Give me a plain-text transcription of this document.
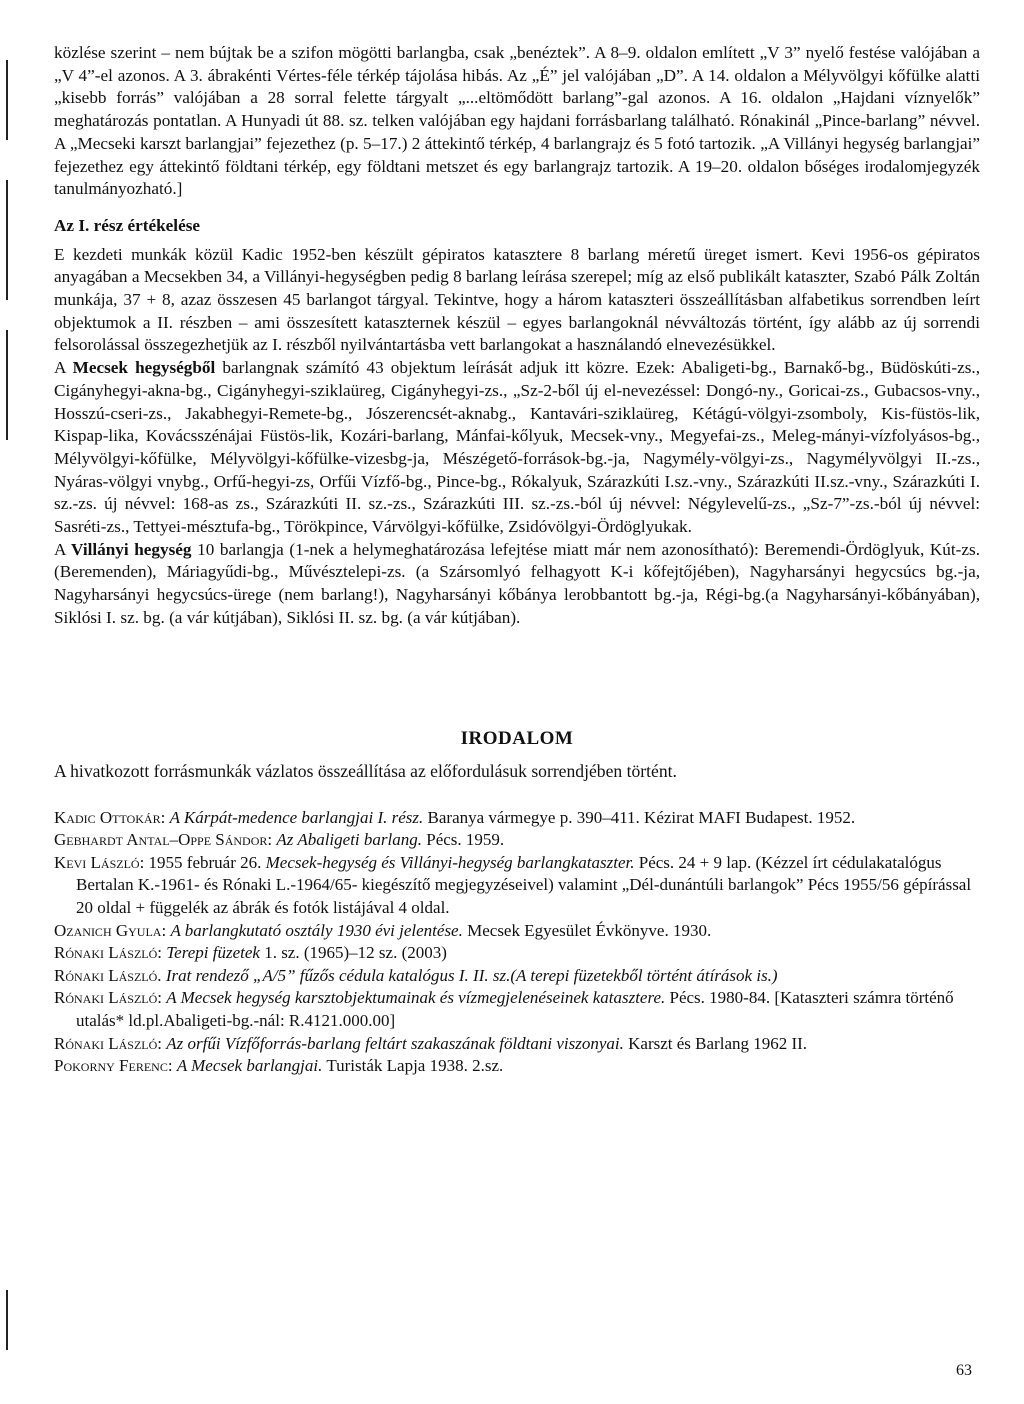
közlése szerint – nem bújtak be a szifon mögötti barlangba, csak „benéztek”. A 8–9. oldalon említett „V 3” nyelő festése valójában a „V 4”-el azonos. A 3. ábrakénti Vértes-féle térkép tájolása hibás. Az „É” jel valójában „D”. A 14. oldalon a Mélyvölgyi kőfülke alatti „kisebb forrás” valójában a 28 sorral felette tárgyalt „...eltömődött barlang”-gal azonos. A 16. oldalon „Hajdani víznyelők” meghatározás pontatlan. A Hunyadi út 88. sz. telken valójában egy hajdani forrásbarlang található. Rónakinál „Pince-barlang” névvel. A „Mecseki karszt barlangjai” fejezethez (p. 5–17.) 2 áttekintő térkép, 4 barlangrajz és 5 fotó tartozik. „A Villányi hegység barlangjai” fejezethez egy áttekintő földtani térkép, egy földtani metszet és egy barlangrajz tartozik. A 19–20. oldalon bőséges irodalomjegyzék tanulmányozható.]

Az I. rész értékelése

E kezdeti munkák közül Kadic 1952-ben készült gépiratos katasztere 8 barlang méretű üreget ismert. Kevi 1956-os gépiratos anyagában a Mecsekben 34, a Villányi-hegységben pedig 8 barlang leírása szerepel; míg az első publikált kataszter, Szabó Pálk Zoltán munkája, 37 + 8, azaz összesen 45 barlangot tárgyal. Tekintve, hogy a három kataszteri összeállításban alfabetikus sorrendben leírt objektumok a II. részben – ami összesített kataszternek készül – egyes barlangoknál névváltozás történt, így alább az új sorrendi felsorolással összegezhetjük az I. részből nyilvántartásba vett barlangokat a használandó elnevezésükkel.

A Mecsek hegységből barlangnak számító 43 objektum leírását adjuk itt közre. Ezek: Abaligeti-bg., Barnakő-bg., Büdöskúti-zs., Cigányhegyi-akna-bg., Cigányhegyi-sziklaüreg, Cigányhegyi-zs., „Sz-2-ből új el-nevezéssel: Dongó-ny., Goricai-zs., Gubacsos-vny., Hosszú-cseri-zs., Jakabhegyi-Remete-bg., Jószerencsét-aknabg., Kantavári-sziklaüreg, Kétágú-völgyi-zsomboly, Kis-füstös-lik, Kispap-lika, Kovácsszénájai Füstös-lik, Kozári-barlang, Mánfai-kőlyuk, Mecsek-vny., Megyefai-zs., Meleg-mányi-vízfolyásos-bg., Mélyvölgyi-kőfülke, Mélyvölgyi-kőfülke-vizesbg-ja, Mészégető-források-bg.-ja, Nagymély-völgyi-zs., Nagymélyvölgyi II.-zs., Nyáras-völgyi vnybg., Orfű-hegyi-zs, Orfűi Vízfő-bg., Pince-bg., Rókalyuk, Szárazkúti I.sz.-vny., Szárazkúti II.sz.-vny., Szárazkúti I. sz.-zs. új névvel: 168-as zs., Szárazkúti II. sz.-zs., Szárazkúti III. sz.-zs.-ból új névvel: Négylevelű-zs., „Sz-7”-zs.-ból új névvel: Sasréti-zs., Tettyei-mésztufa-bg., Törökpince, Várvölgyi-kőfülke, Zsidóvölgyi-Ördöglyukak.

A Villányi hegység 10 barlangja (1-nek a helymeghatározása lefejtése miatt már nem azonosítható): Beremendi-Ördöglyuk, Kút-zs. (Beremenden), Máriagyűdi-bg., Művésztelepi-zs. (a Szársomlyó felhagyott K-i kőfejtőjében), Nagyharsányi hegycsúcs bg.-ja, Nagyharsányi hegycsúcs-ürege (nem barlang!), Nagyharsányi kőbánya lerobbantott bg.-ja, Régi-bg.(a Nagyharsányi-kőbányában), Siklósi I. sz. bg. (a vár kútjában), Siklósi II. sz. bg. (a vár kútjában).

IRODALOM
A hivatkozott forrásmunkák vázlatos összeállítása az előfordulásuk sorrendjében történt.

Kadic Ottokár: A Kárpát-medence barlangjai I. rész. Baranya vármegye p. 390–411. Kézirat MAFI Budapest. 1952.

Gebhardt Antal–Oppe Sándor: Az Abaligeti barlang. Pécs. 1959.

Kevi László: 1955 február 26. Mecsek-hegység és Villányi-hegység barlangkataszter. Pécs. 24 + 9 lap. (Kézzel írt cédulakatalógus Bertalan K.-1961- és Rónaki L.-1964/65- kiegészítő megjegyzéseivel) valamint „Dél-dunántúli barlangok” Pécs 1955/56 gépírással 20 oldal + függelék az ábrák és fotók listájával 4 oldal.

Ozanich Gyula: A barlangkutató osztály 1930 évi jelentése. Mecsek Egyesület Évkönyve. 1930.

Rónaki László: Terepi füzetek 1. sz. (1965)–12 sz. (2003)

Rónaki László. Irat rendező „A/5” fűzős cédula katalógus I. II. sz.(A terepi füzetekből történt átírások is.)

Rónaki László: A Mecsek hegység karsztobjektumainak és vízmegjelenéseinek katasztere. Pécs. 1980-84. [Kataszteri számra történő utalás* ld.pl.Abaligeti-bg.-nál: R.4121.000.00]

Rónaki László: Az orfűi Vízfőforrás-barlang feltárt szakaszának földtani viszonyai. Karszt és Barlang 1962 II.

Pokorny Ferenc: A Mecsek barlangjai. Turisták Lapja 1938. 2.sz.

63
